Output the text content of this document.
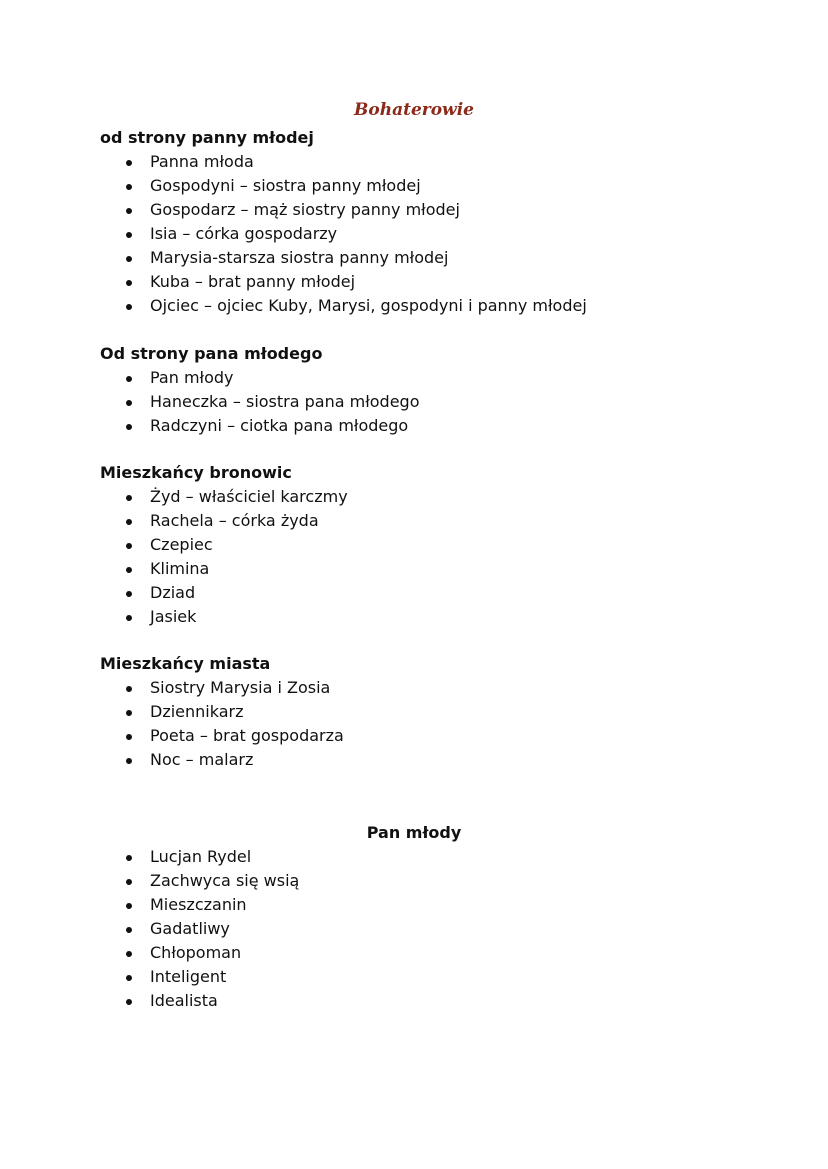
Bohaterowie
od strony panny młodej
Panna młoda
Gospodyni – siostra panny młodej
Gospodarz – mąż siostry panny młodej
Isia – córka gospodarzy
Marysia-starsza siostra panny młodej
Kuba – brat panny młodej
Ojciec – ojciec Kuby, Marysi, gospodyni i panny młodej
Od strony pana młodego
Pan młody
Haneczka – siostra pana młodego
Radczyni – ciotka pana młodego
Mieszkańcy bronowic
Żyd – właściciel karczmy
Rachela – córka żyda
Czepiec
Klimina
Dziad
Jasiek
Mieszkańcy miasta
Siostry Marysia i Zosia
Dziennikarz
Poeta – brat gospodarza
Noc – malarz
Pan młody
Lucjan Rydel
Zachwyca się wsią
Mieszczanin
Gadatliwy
Chłopoman
Inteligent
Idealista
